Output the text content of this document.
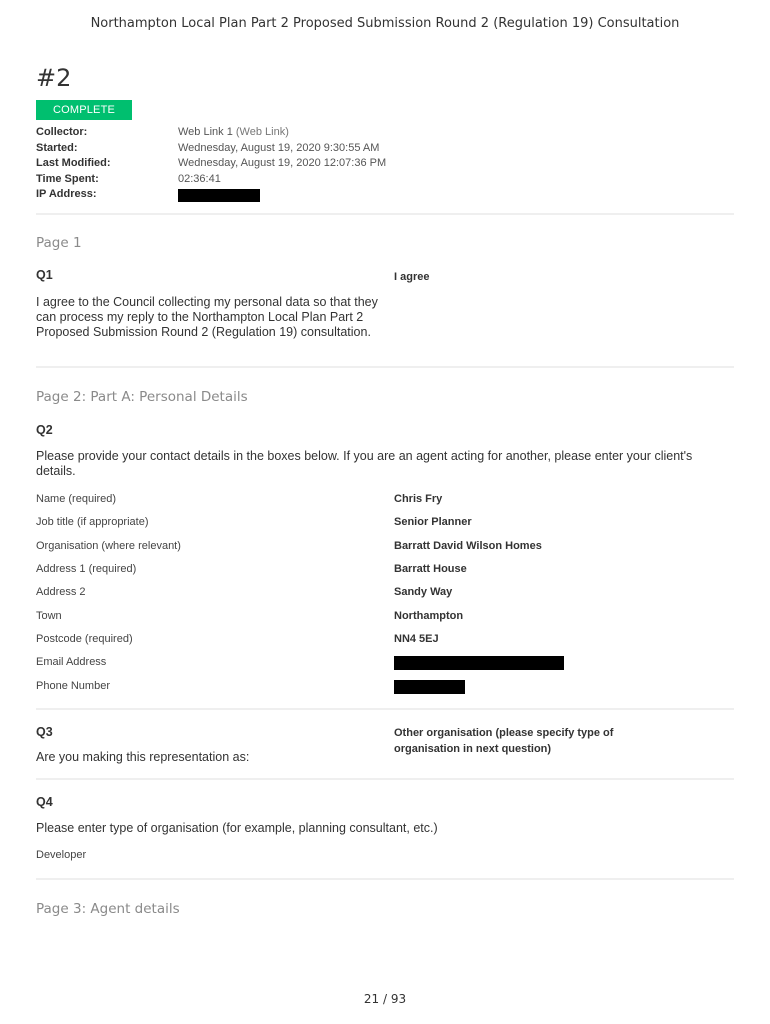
Northampton Local Plan Part 2 Proposed Submission Round 2 (Regulation 19) Consultation
#2
COMPLETE
Collector:	Web Link 1 (Web Link)
Started:	Wednesday, August 19, 2020 9:30:55 AM
Last Modified:	Wednesday, August 19, 2020 12:07:36 PM
Time Spent:	02:36:41
IP Address:
Page 1
Q1	I agree
I agree to the Council collecting my personal data so that they can process my reply to the Northampton Local Plan Part 2 Proposed Submission Round 2 (Regulation 19) consultation.
Page 2: Part A: Personal Details
Q2
Please provide your contact details in the boxes below. If you are an agent acting for another, please enter your client's details.
Name (required)	Chris Fry
Job title (if appropriate)	Senior Planner
Organisation (where relevant)	Barratt David Wilson Homes
Address 1 (required)	Barratt House
Address 2	Sandy Way
Town	Northampton
Postcode (required)	NN4 5EJ
Email Address
Phone Number
Q3	Other organisation (please specify type of organisation in next question)
Are you making this representation as:
Q4
Please enter type of organisation (for example, planning consultant, etc.)
Developer
Page 3: Agent details
21 / 93
